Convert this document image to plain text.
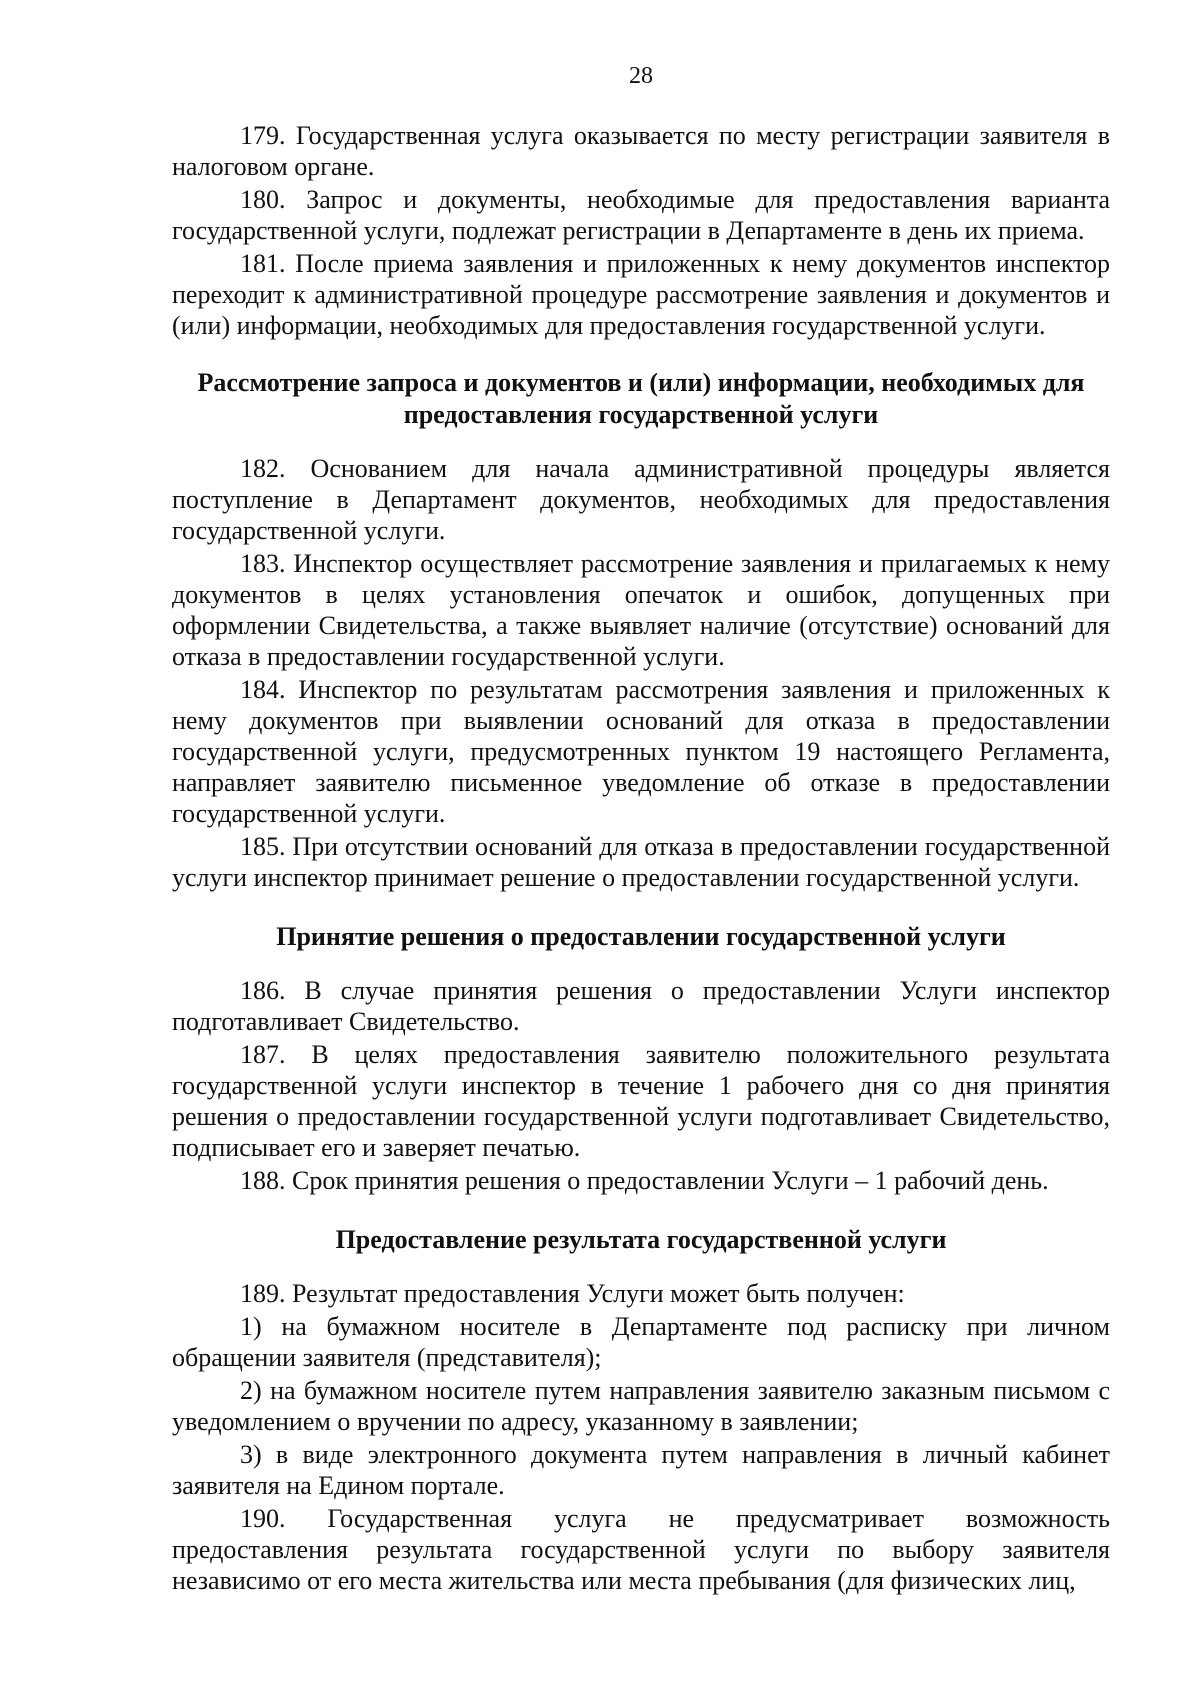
28

179. Государственная услуга оказывается по месту регистрации заявителя в налоговом органе.

180. Запрос и документы, необходимые для предоставления варианта государственной услуги, подлежат регистрации в Департаменте в день их приема.

181. После приема заявления и приложенных к нему документов инспектор переходит к административной процедуре рассмотрение заявления и документов и (или) информации, необходимых для предоставления государственной услуги.

Рассмотрение запроса и документов и (или) информации, необходимых для предоставления государственной услуги

182. Основанием для начала административной процедуры является поступление в Департамент документов, необходимых для предоставления государственной услуги.

183. Инспектор осуществляет рассмотрение заявления и прилагаемых к нему документов в целях установления опечаток и ошибок, допущенных при оформлении Свидетельства, а также выявляет наличие (отсутствие) оснований для отказа в предоставлении государственной услуги.

184. Инспектор по результатам рассмотрения заявления и приложенных к нему документов при выявлении оснований для отказа в предоставлении государственной услуги, предусмотренных пунктом 19 настоящего Регламента, направляет заявителю письменное уведомление об отказе в предоставлении государственной услуги.

185. При отсутствии оснований для отказа в предоставлении государственной услуги инспектор принимает решение о предоставлении государственной услуги.

Принятие решения о предоставлении государственной услуги

186. В случае принятия решения о предоставлении Услуги инспектор подготавливает Свидетельство.

187. В целях предоставления заявителю положительного результата государственной услуги инспектор в течение 1 рабочего дня со дня принятия решения о предоставлении государственной услуги подготавливает Свидетельство, подписывает его и заверяет печатью.

188. Срок принятия решения о предоставлении Услуги – 1 рабочий день.

Предоставление результата государственной услуги

189. Результат предоставления Услуги может быть получен:

1) на бумажном носителе в Департаменте под расписку при личном обращении заявителя (представителя);

2) на бумажном носителе путем направления заявителю заказным письмом с уведомлением о вручении по адресу, указанному в заявлении;

3) в виде электронного документа путем направления в личный кабинет заявителя на Едином портале.

190. Государственная услуга не предусматривает возможность предоставления результата государственной услуги по выбору заявителя независимо от его места жительства или места пребывания (для физических лиц,
